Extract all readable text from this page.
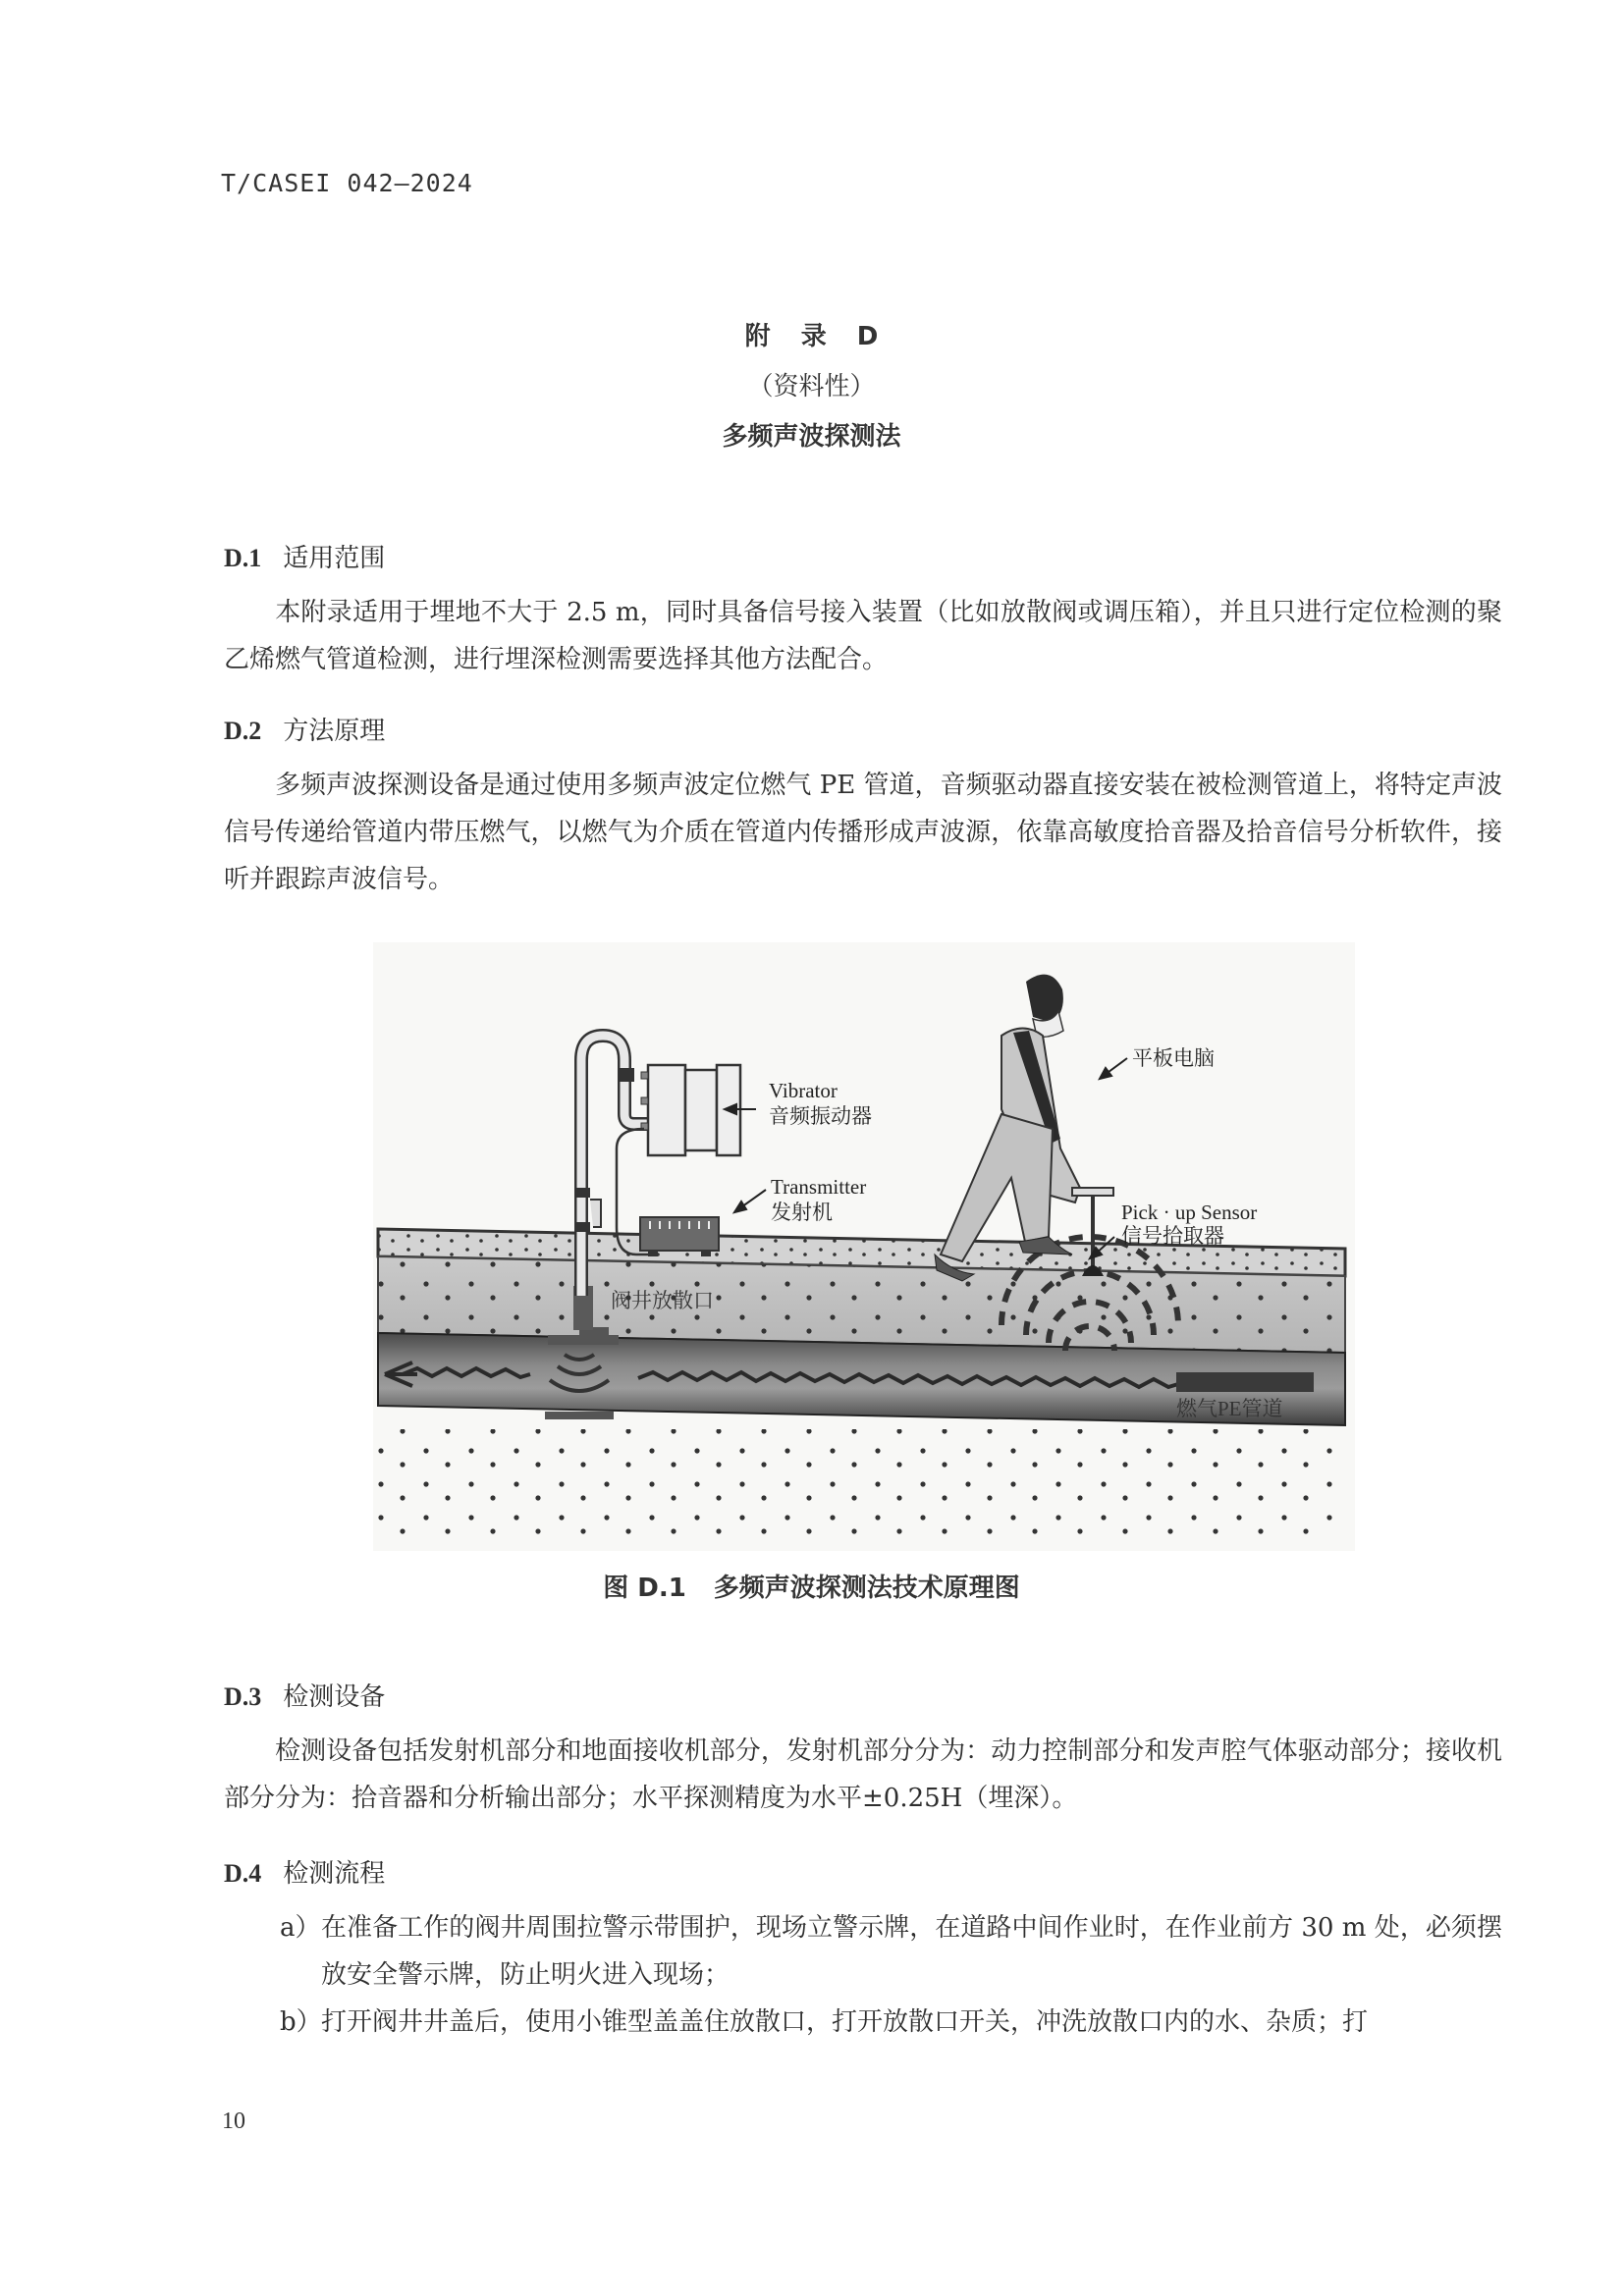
T/CASEI 042—2024
附 录 D
（资料性）
多频声波探测法
D.1 适用范围
本附录适用于埋地不大于 2.5 m，同时具备信号接入装置（比如放散阀或调压箱），并且只进行定位检测的聚乙烯燃气管道检测，进行埋深检测需要选择其他方法配合。
D.2 方法原理
多频声波探测设备是通过使用多频声波定位燃气 PE 管道，音频驱动器直接安装在被检测管道上，将特定声波信号传递给管道内带压燃气，以燃气为介质在管道内传播形成声波源，依靠高敏度拾音器及拾音信号分析软件，接听并跟踪声波信号。
Vibrator
音频振动器
Transmitter
发射机
平板电脑
Pick · up Sensor
信号拾取器
阀井放散口
燃气PE管道
图 D.1 多频声波探测法技术原理图
D.3 检测设备
检测设备包括发射机部分和地面接收机部分，发射机部分分为：动力控制部分和发声腔气体驱动部分；接收机部分分为：拾音器和分析输出部分；水平探测精度为水平±0.25H（埋深）。
D.4 检测流程
a） 在准备工作的阀井周围拉警示带围护，现场立警示牌，在道路中间作业时，在作业前方 30 m 处，必须摆放安全警示牌，防止明火进入现场；
b） 打开阀井井盖后，使用小锥型盖盖住放散口，打开放散口开关，冲洗放散口内的水、杂质；打
10
